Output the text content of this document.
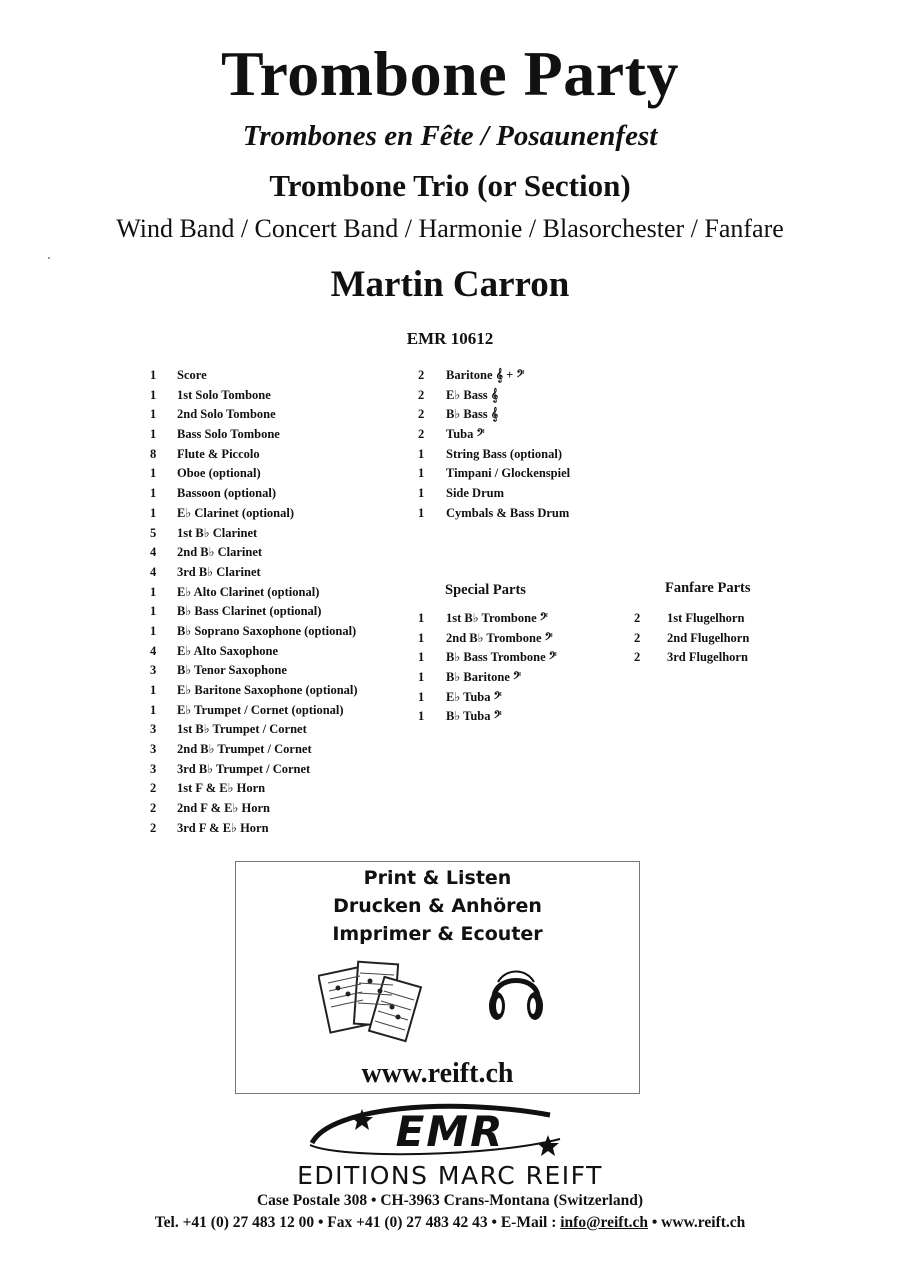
Trombone Party
Trombones en Fête / Posaunenfest
Trombone Trio (or Section)
Wind Band / Concert Band / Harmonie / Blasorchester / Fanfare
Martin Carron
EMR 10612
1 Score
1 1st Solo Tombone
1 2nd Solo Tombone
1 Bass Solo Tombone
8 Flute & Piccolo
1 Oboe (optional)
1 Bassoon (optional)
1 E♭ Clarinet (optional)
5 1st B♭ Clarinet
4 2nd B♭ Clarinet
4 3rd B♭ Clarinet
1 E♭ Alto Clarinet (optional)
1 B♭ Bass Clarinet (optional)
1 B♭ Soprano Saxophone (optional)
4 E♭ Alto Saxophone
3 B♭ Tenor Saxophone
1 E♭ Baritone Saxophone (optional)
1 E♭ Trumpet / Cornet (optional)
3 1st B♭ Trumpet / Cornet
3 2nd B♭ Trumpet / Cornet
3 3rd B♭ Trumpet / Cornet
2 1st F & E♭ Horn
2 2nd F & E♭ Horn
2 3rd F & E♭ Horn
2 Baritone 𝄞 + 𝄢
2 E♭ Bass 𝄞
2 B♭ Bass 𝄞
2 Tuba 𝄢
1 String Bass (optional)
1 Timpani / Glockenspiel
1 Side Drum
1 Cymbals & Bass Drum
Special Parts
1 1st B♭ Trombone 𝄢
1 2nd B♭ Trombone 𝄢
1 B♭ Bass Trombone 𝄢
1 B♭ Baritone 𝄢
1 E♭ Tuba 𝄢
1 B♭ Tuba 𝄢
Fanfare Parts
2 1st Flugelhorn
2 2nd Flugelhorn
2 3rd Flugelhorn
Print & Listen
Drucken & Anhören
Imprimer & Ecouter
www.reift.ch
EMR
EDITIONS MARC REIFT
Case Postale 308 • CH-3963 Crans-Montana (Switzerland)
Tel. +41 (0) 27 483 12 00 • Fax +41 (0) 27 483 42 43 • E-Mail : info@reift.ch • www.reift.ch
